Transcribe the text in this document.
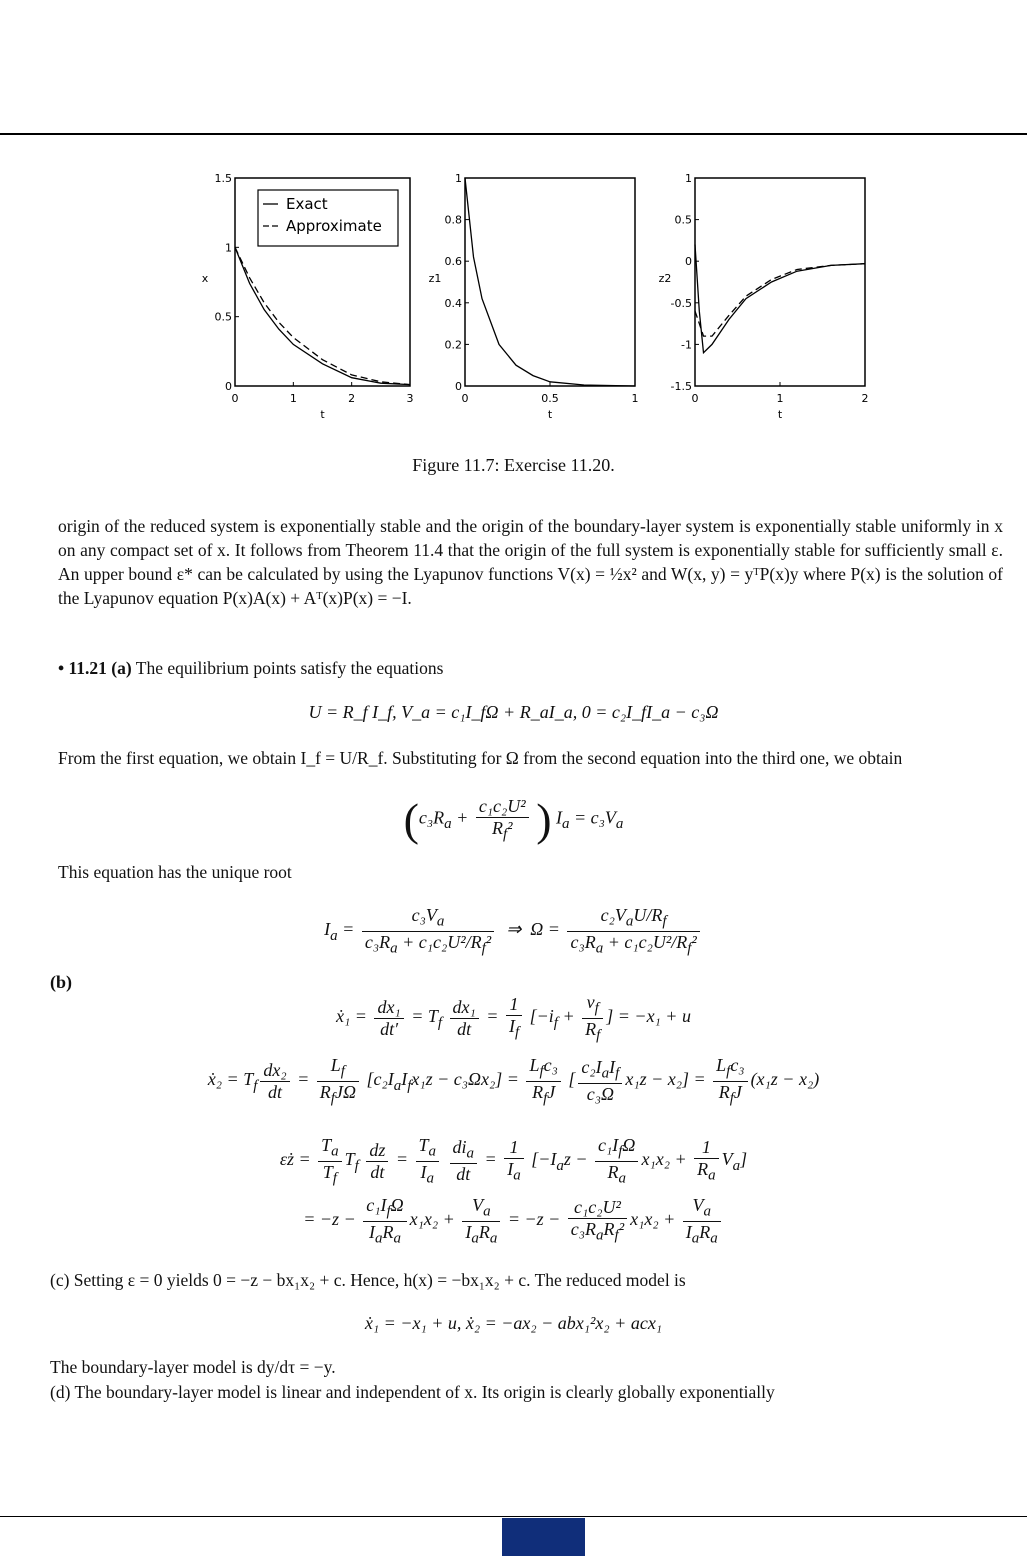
1.5
1
0.5
0
0	1	2	3
t
x
1
0.8
0.6
0.4
0.2
0
0	0.5	1
t
z1
1
0.5
0
-0.5
-1
-1.5
0	1	2
t
z2
Exact
Approximate
Figure 11.7: Exercise 11.20.
origin of the reduced system is exponentially stable and the origin of the boundary-layer system is exponentially stable uniformly in x on any compact set of x. It follows from Theorem 11.4 that the origin of the full system is exponentially stable for sufficiently small ε. An upper bound ε* can be calculated by using the Lyapunov functions V(x) = ½x² and W(x, y) = yᵀP(x)y where P(x) is the solution of the Lyapunov equation P(x)A(x) + Aᵀ(x)P(x) = −I.
• 11.21 (a) The equilibrium points satisfy the equations
U = R_f I_f, V_a = c₁I_fΩ + R_aI_a, 0 = c₂I_fI_a − c₃Ω
From the first equation, we obtain I_f = U/R_f. Substituting for Ω from the second equation into the third one, we obtain
($c_3R_a + \frac{\text{c₁c₂U²}}{R_f^2}$ ) $I_a = c_3V_a$
This equation has the unique root
$I_a = \frac{c_3V_a}{c_3R_a + c_1c_2U^2/R_f^2}$ ⇒  $\Omega = \frac{c_2V_aU/R_f}{c_3R_a + c_1c_2U^2/R_f^2}$
(b)
ẋ₁ = $\frac{\text{dx₁}}{dt'} = T_f \frac{\text{dx₁}}{dt} = \frac{1}{I_f} [-i_f + \frac{v_f}{R_f}$ ] = −x₁ + u
ẋ₂ = $T_f \frac{\text{dx₂}}{dt} = \frac{L_f}{R_fJ\Omega} [c_2I_aI_fx_1z - c_3\Omega x_2] = \frac{L_fc_3}{R_fJ}$ [ $\frac{c_2I_aI_f}{\text{c₃Ω}} x_1z - x_2] = \frac{L_fc_3}{R_fJ} (x_1z - x_2)$
εż = $\frac{T_a}{T_f} T_f \frac{dz}{dt} = \frac{T_a}{I_a}$
$\frac{di_a}{dt} = \frac{1}{I_a} [-I_az - \frac{c_1I_f\Omega}{R_a} x_1x_2 + \frac{1}{R_a} V_a]$
= $-z - \frac{c_1I_f\Omega}{I_aR_a} x_1x_2 + \frac{V_a}{I_aR_a} = -z - \frac{\text{c₁c₂U²}}{c_3R_aR_f^2} x_1x_2 + \frac{V_a}{I_aR_a}$
(c) Setting ε = 0 yields 0 = −z − bx₁x₂ + c. Hence, h(x) = −bx₁x₂ + c. The reduced model is
ẋ₁ = −x₁ + u, ẋ₂ = −ax₂ − abx₁²x₂ + acx₁
The boundary-layer model is dy/dτ = −y.
(d) The boundary-layer model is linear and independent of x. Its origin is clearly globally exponentially
